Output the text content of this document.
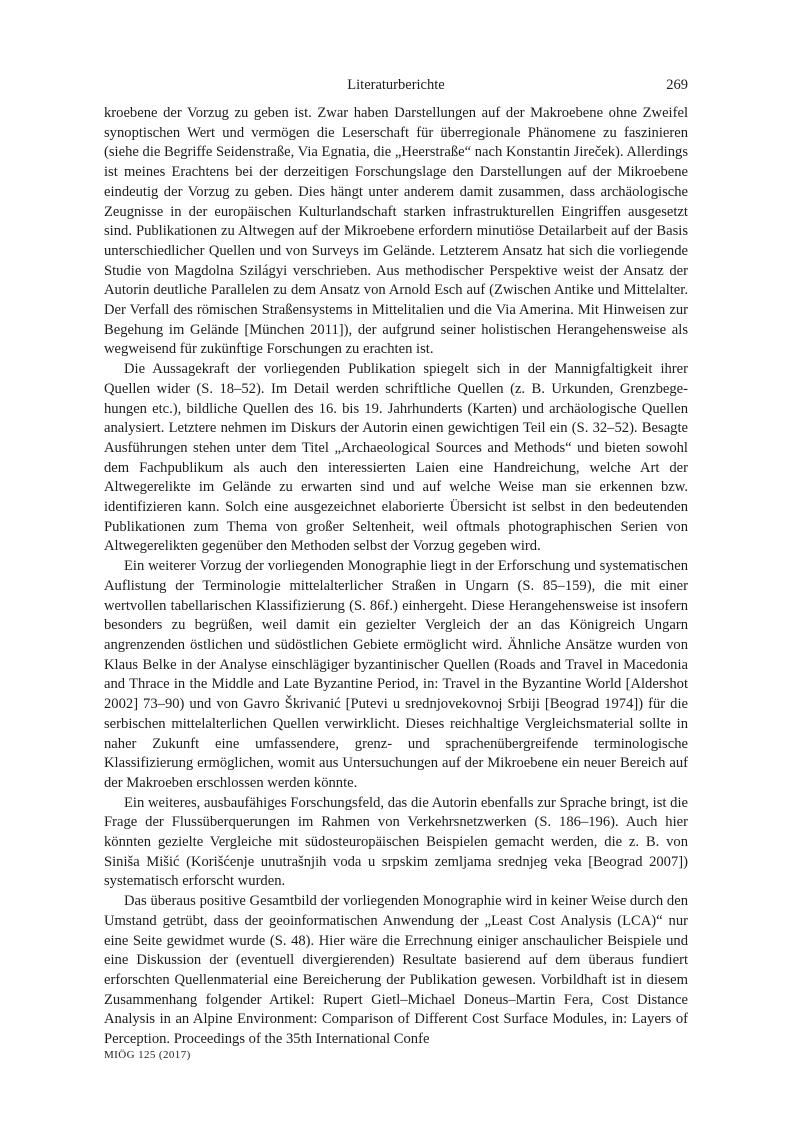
Literaturberichte	269

kroebene der Vorzug zu geben ist. Zwar haben Darstellungen auf der Makroebene ohne Zweifel synoptischen Wert und vermögen die Leserschaft für überregionale Phänomene zu faszinieren (siehe die Begriffe Seidenstraße, Via Egnatia, die „Heerstraße“ nach Konstantin Jireček). Allerdings ist meines Erachtens bei der derzeitigen Forschungslage den Darstellungen auf der Mikroebene eindeutig der Vorzug zu geben. Dies hängt unter anderem damit zusammen, dass archäologische Zeugnisse in der europäischen Kulturlandschaft starken infrastrukturellen Eingriffen ausgesetzt sind. Publikationen zu Altwegen auf der Mikroebene erfordern minutiöse Detailarbeit auf der Basis unterschiedlicher Quellen und von Surveys im Gelände. Letzterem Ansatz hat sich die vorliegende Studie von Magdolna Szilágyi verschrieben. Aus methodischer Perspektive weist der Ansatz der Autorin deutliche Parallelen zu dem Ansatz von Arnold Esch auf (Zwischen Antike und Mittelalter. Der Verfall des römischen Straßensystems in Mittelitalien und die Via Amerina. Mit Hinweisen zur Begehung im Gelände [München 2011]), der aufgrund seiner holistischen Herangehensweise als wegweisend für zukünftige Forschungen zu erachten ist.

Die Aussagekraft der vorliegenden Publikation spiegelt sich in der Mannigfaltigkeit ihrer Quellen wider (S. 18–52). Im Detail werden schriftliche Quellen (z. B. Urkunden, Grenzbegehungen etc.), bildliche Quellen des 16. bis 19. Jahrhunderts (Karten) und archäologische Quellen analysiert. Letztere nehmen im Diskurs der Autorin einen gewichtigen Teil ein (S. 32–52). Besagte Ausführungen stehen unter dem Titel „Archaeological Sources and Methods“ und bieten sowohl dem Fachpublikum als auch den interessierten Laien eine Handreichung, welche Art der Altwegerelikte im Gelände zu erwarten sind und auf welche Weise man sie erkennen bzw. identifizieren kann. Solch eine ausgezeichnet elaborierte Übersicht ist selbst in den bedeutenden Publikationen zum Thema von großer Seltenheit, weil oftmals photographischen Serien von Altwegerelikten gegenüber den Methoden selbst der Vorzug gegeben wird.

Ein weiterer Vorzug der vorliegenden Monographie liegt in der Erforschung und systematischen Auflistung der Terminologie mittelalterlicher Straßen in Ungarn (S. 85–159), die mit einer wertvollen tabellarischen Klassifizierung (S. 86f.) einhergeht. Diese Herangehensweise ist insofern besonders zu begrüßen, weil damit ein gezielter Vergleich der an das Königreich Ungarn angrenzenden östlichen und südöstlichen Gebiete ermöglicht wird. Ähnliche Ansätze wurden von Klaus Belke in der Analyse einschlägiger byzantinischer Quellen (Roads and Travel in Macedonia and Thrace in the Middle and Late Byzantine Period, in: Travel in the Byzantine World [Aldershot 2002] 73–90) und von Gavro Škrivanić [Putevi u srednjovekovnoj Srbiji [Beograd 1974]) für die serbischen mittelalterlichen Quellen verwirklicht. Dieses reichhaltige Vergleichsmaterial sollte in naher Zukunft eine umfassendere, grenz- und sprachenübergreifende terminologische Klassifizierung ermöglichen, womit aus Untersuchungen auf der Mikroebene ein neuer Bereich auf der Makroeben erschlossen werden könnte.

Ein weiteres, ausbaufähiges Forschungsfeld, das die Autorin ebenfalls zur Sprache bringt, ist die Frage der Flussüberquerungen im Rahmen von Verkehrsnetzwerken (S. 186–196). Auch hier könnten gezielte Vergleiche mit südosteuropäischen Beispielen gemacht werden, die z. B. von Siniša Mišić (Korišćenje unutrašnjih voda u srpskim zemljama srednjeg veka [Beograd 2007]) systematisch erforscht wurden.

Das überaus positive Gesamtbild der vorliegenden Monographie wird in keiner Weise durch den Umstand getrübt, dass der geoinformatischen Anwendung der „Least Cost Analysis (LCA)“ nur eine Seite gewidmet wurde (S. 48). Hier wäre die Errechnung einiger anschaulicher Beispiele und eine Diskussion der (eventuell divergierenden) Resultate basierend auf dem überaus fundiert erforschten Quellenmaterial eine Bereicherung der Publikation gewesen. Vorbildhaft ist in diesem Zusammenhang folgender Artikel: Rupert Gietl–Michael Doneus–Martin Fera, Cost Distance Analysis in an Alpine Environment: Comparison of Different Cost Surface Modules, in: Layers of Perception. Proceedings of the 35th International Confe

MIÖG 125 (2017)
